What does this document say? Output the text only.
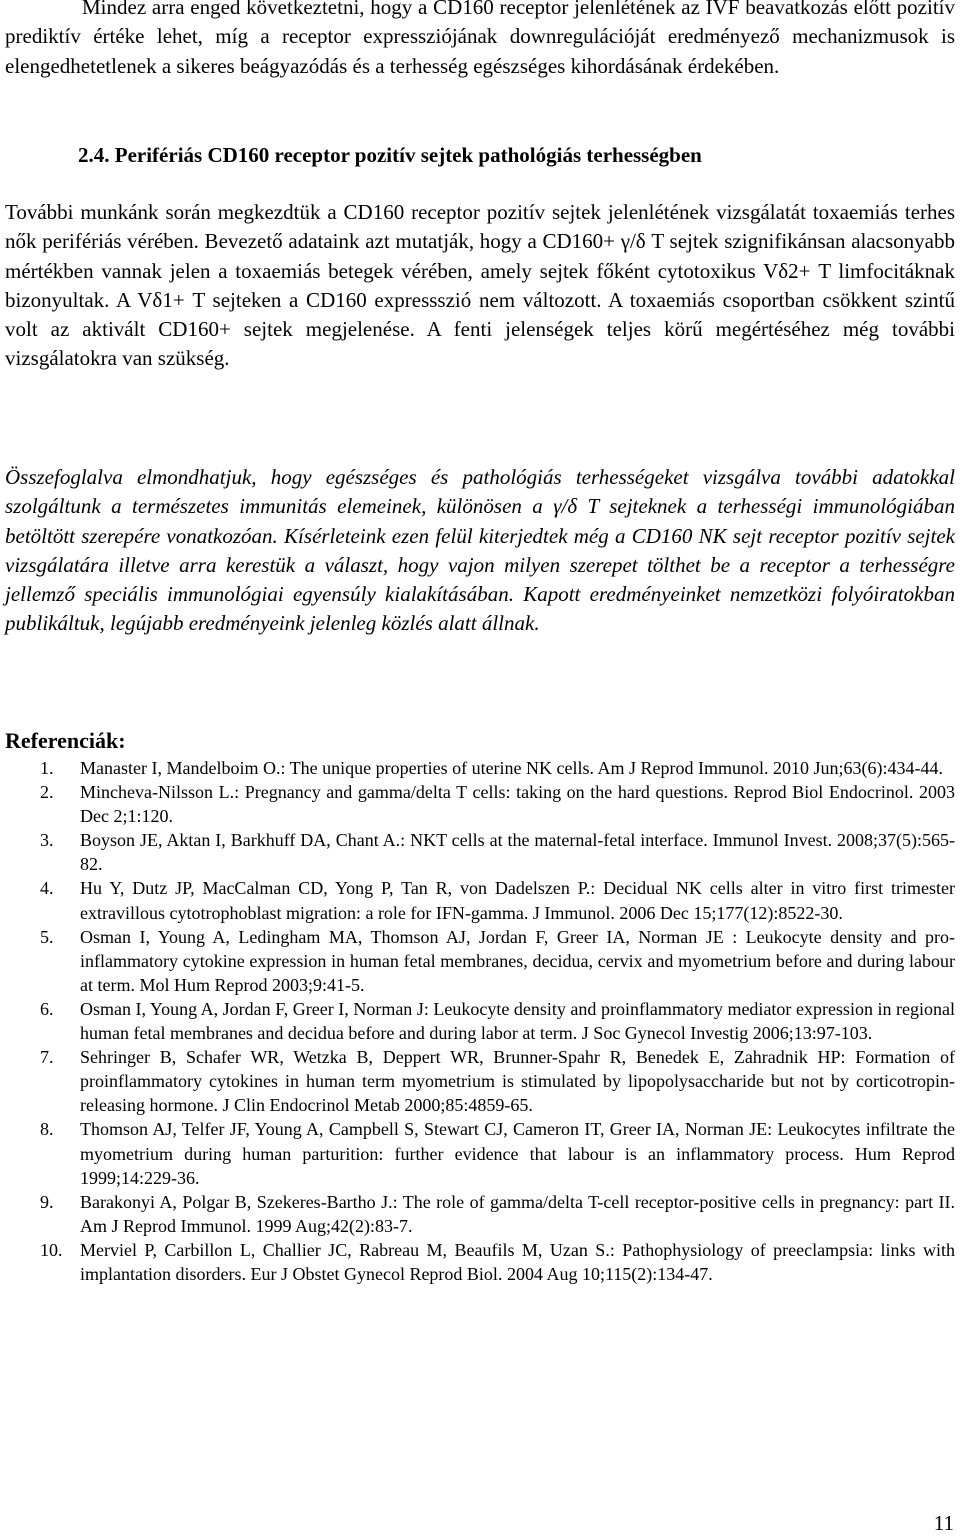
Mindez arra enged következtetni, hogy a CD160 receptor jelenlétének az IVF beavatkozás előtt pozitív prediktív értéke lehet, míg a receptor expressziójának downregulációját eredményező mechanizmusok is elengedhetetlenek a sikeres beágyazódás és a terhesség egészséges kihordásának érdekében.

2.4. Perifériás CD160 receptor pozitív sejtek pathológiás terhességben

További munkánk során megkezdtük a CD160 receptor pozitív sejtek jelenlétének vizsgálatát toxaemiás terhes nők perifériás vérében. Bevezető adataink azt mutatják, hogy a CD160+ γ/δ T sejtek szignifikánsan alacsonyabb mértékben vannak jelen a toxaemiás betegek vérében, amely sejtek főként cytotoxikus Vδ2+ T limfocitáknak bizonyultak. A Vδ1+ T sejteken a CD160 expressszió nem változott. A toxaemiás csoportban csökkent szintű volt az aktivált CD160+ sejtek megjelenése. A fenti jelenségek teljes körű megértéséhez még további vizsgálatokra van szükség.

Összefoglalva elmondhatjuk, hogy egészséges és pathológiás terhességeket vizsgálva további adatokkal szolgáltunk a természetes immunitás elemeinek, különösen a γ/δ T sejteknek a terhességi immunológiában betöltött szerepére vonatkozóan. Kísérleteink ezen felül kiterjedtek még a CD160 NK sejt receptor pozitív sejtek vizsgálatára illetve arra kerestük a választ, hogy vajon milyen szerepet tölthet be a receptor a terhességre jellemző speciális immunológiai egyensúly kialakításában. Kapott eredményeinket nemzetközi folyóiratokban publikáltuk, legújabb eredményeink jelenleg közlés alatt állnak.

Referenciák:
1.	Manaster I, Mandelboim O.: The unique properties of uterine NK cells. Am J Reprod Immunol. 2010 Jun;63(6):434-44.
2.	Mincheva-Nilsson L.: Pregnancy and gamma/delta T cells: taking on the hard questions. Reprod Biol Endocrinol. 2003 Dec 2;1:120.
3.	Boyson JE, Aktan I, Barkhuff DA, Chant A.: NKT cells at the maternal-fetal interface. Immunol Invest. 2008;37(5):565-82.
4.	Hu Y, Dutz JP, MacCalman CD, Yong P, Tan R, von Dadelszen P.: Decidual NK cells alter in vitro first trimester extravillous cytotrophoblast migration: a role for IFN-gamma. J Immunol. 2006 Dec 15;177(12):8522-30.
5.	Osman I, Young A, Ledingham MA, Thomson AJ, Jordan F, Greer IA, Norman JE : Leukocyte density and pro-inflammatory cytokine expression in human fetal membranes, decidua, cervix and myometrium before and during labour at term. Mol Hum Reprod 2003;9:41-5.
6.	Osman I, Young A, Jordan F, Greer I, Norman J: Leukocyte density and proinflammatory mediator expression in regional human fetal membranes and decidua before and during labor at term. J Soc Gynecol Investig 2006;13:97-103.
7.	Sehringer B, Schafer WR, Wetzka B, Deppert WR, Brunner-Spahr R, Benedek E, Zahradnik HP: Formation of proinflammatory cytokines in human term myometrium is stimulated by lipopolysaccharide but not by corticotropin-releasing hormone. J Clin Endocrinol Metab 2000;85:4859-65.
8.	Thomson AJ, Telfer JF, Young A, Campbell S, Stewart CJ, Cameron IT, Greer IA, Norman JE: Leukocytes infiltrate the myometrium during human parturition: further evidence that labour is an inflammatory process. Hum Reprod 1999;14:229-36.
9.	Barakonyi A, Polgar B, Szekeres-Bartho J.: The role of gamma/delta T-cell receptor-positive cells in pregnancy: part II. Am J Reprod Immunol. 1999 Aug;42(2):83-7.
10. Merviel P, Carbillon L, Challier JC, Rabreau M, Beaufils M, Uzan S.: Pathophysiology of preeclampsia: links with implantation disorders. Eur J Obstet Gynecol Reprod Biol. 2004 Aug 10;115(2):134-47.
11
